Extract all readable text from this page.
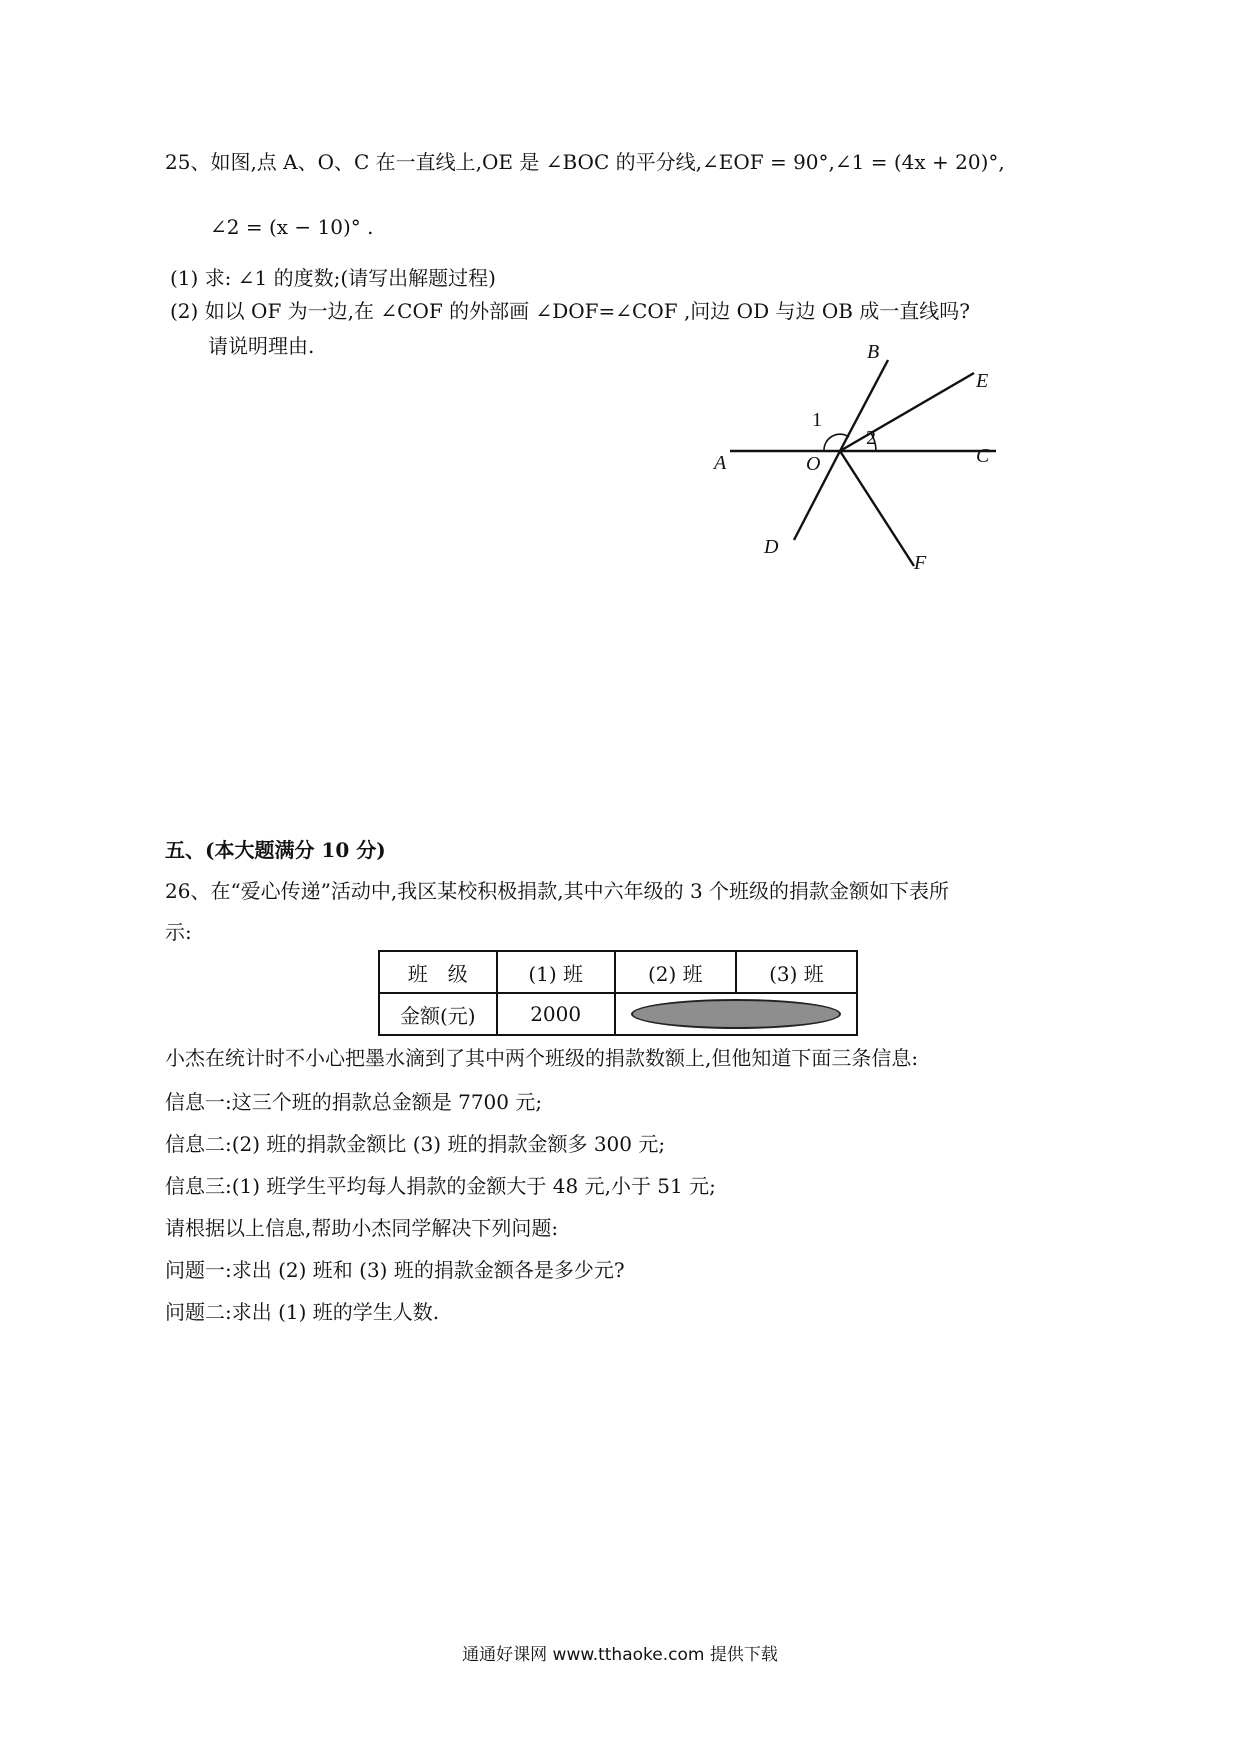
25、如图,点 A、O、C 在一直线上,OE 是 ∠BOC 的平分线,∠EOF = 90°,∠1 = (4x + 20)°,
∠2 = (x − 10)° .
(1) 求: ∠1 的度数;(请写出解题过程)
(2) 如以 OF 为一边,在 ∠COF 的外部画 ∠DOF=∠COF ,问边 OD 与边 OB 成一直线吗?
请说明理由.
2
1
B
E
C
A	O
D
F
五、(本大题满分 10 分)
26、在“爱心传递”活动中,我区某校积极捐款,其中六年级的 3 个班级的捐款金额如下表所
示:
班　级	(1) 班	(2) 班	(3) 班
金额(元)	2000		
小杰在统计时不小心把墨水滴到了其中两个班级的捐款数额上,但他知道下面三条信息:
信息一:这三个班的捐款总金额是 7700 元;
信息二:(2) 班的捐款金额比 (3) 班的捐款金额多 300 元;
信息三:(1) 班学生平均每人捐款的金额大于 48 元,小于 51 元;
请根据以上信息,帮助小杰同学解决下列问题:
问题一:求出 (2) 班和 (3) 班的捐款金额各是多少元?
问题二:求出 (1) 班的学生人数.
通通好课网 www.tthaoke.com 提供下载
